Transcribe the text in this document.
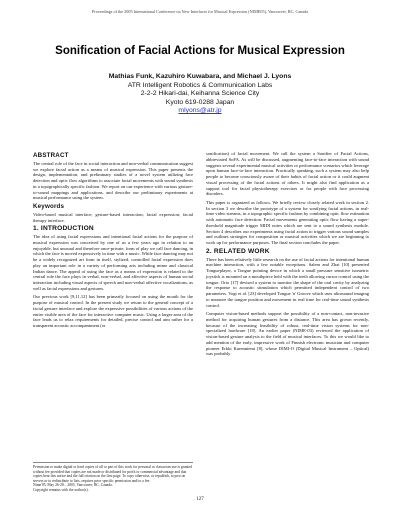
Proceedings of the 2005 International Conference on New Interfaces for Musical Expression (NIME05), Vancouver, BC, Canada
Sonification of Facial Actions for Musical Expression
Mathias Funk, Kazuhiro Kuwabara, and Michael J. Lyons
ATR Intelligent Robotics & Communication Labs
2-2-2 Hikari-dai, Keihanna Science City
Kyoto 619-0288 Japan
mlyons@atr.jp
ABSTRACT

The central role of the face in social interaction and non-verbal communication suggest we explore facial action as a means of musical expression. This paper presents the design, implementation, and preliminary studies of a novel system utilizing face detection and optic flow algorithms to associate facial movements with sound synthesis in a topographically specific fashion. We report on our experience with various gesture-to-sound mappings and applications, and describe our preliminary experiments at musical performance using the system.

Keywords

Video-based musical interface; gesture-based interaction; facial expression; facial therapy interface.

1. INTRODUCTION

The idea of using facial expressions and intentional facial actions for the purpose of musical expression was conceived by one of us a few years ago in relation to an enjoyable, but unusual and therefore once-private, form of play we call face dancing, in which the face is moved expressively in time with a music. While face dancing may not be a widely recognized art form in itself, stylized, controlled facial expression does play an important role in a variety of performing arts including mime and classical Indian dance. The appeal of using the face as a means of expression is related to the central role the face plays in verbal, non-verbal, and affective aspects of human social interaction including visual aspects of speech and non-verbal affective vocalizations, as well as facial expressions and gestures.

Our previous work [9,11,12] has been primarily focused on using the mouth for the purpose of musical control. In the present study we return to the general concept of a facial gesture interface and explore the expressive possibilities of various actions of the entire visible area of the face for interactive computer music. Using a larger area of the face leads us to relax requirements for detailed, precise control and aim rather for a transparent acoustic accompaniment (or

sonification) of facial movement. We call the system a Sonifier of Facial Actions, abbreviated SoFA. As will be discussed, augmenting face-to-face interaction with sound suggests several experimental musical activities or performance scenarios which leverage upon human face-to-face interaction. Practically speaking, such a system may also help people to become consciously aware of their habits of facial action or it could augment visual processing of the facial actions of others. It might also find application as a support tool for facial physiotherapy exercises or for people with face processing disorders.

This paper is organized as follows. We briefly review closely related work in section 2. In section 3 we describe the prototype of a system for sonifying facial actions, in real-time video streams, in a topographic specific fashion by combining optic flow estimation with automatic face detection. Facial movements generating optic flow having a super-threshold magnitude trigger MIDI notes which are sent to a sound synthesis module. Section 4 describes our experiments using facial action to trigger various sound samples and outlines strategies for composition or musical activities which we are beginning to work up for performance purposes. The final section concludes the paper.

2. RELATED WORK

There has been relatively little research on the use of facial actions for intentional human machine interaction, with a few notable exceptions. Salem and Zhai [10] presented Tongueplayer, a Tongue pointing device in which a small pressure sensitive isometric joystick is mounted on a mouthpiece held with the teeth allowing cursor control using the tongue. Orio [17] devised a system to monitor the shape of the oral cavity by analyzing the response to acoustic stimulation which permitted independent control of two parameters. Vogt et al. [23] developed Tongue 'n' Groove which uses ultrasound imaging to measure the tongue position and movement in real time for real-time sound synthesis control.

Computer vision-based methods support the possibility of a non-contact, non-invasive method for acquiring human gestures from a distance. This area has grown recently, because of the increasing feasibility of robust, real-time vision systems for non-specialized hardware [18]. An earlier paper (NIME-03) reviewed the application of vision-based gesture analysis to the field of musical interfaces. To this we would like to add mention of the early, impressive work of Finnish electronic musician and computer pioneer Erkki Kurenniemi [8], whose DIMI-O (Digital Musical Instrument – Optical) was probably

Permission to make digital or hard copies of all or part of this work for personal or classroom use is granted without fee provided that copies are not made or distributed for profit or commercial advantage and that copies bear this notice and the full citation on the first page. To copy otherwise, or republish, to post on servers or to redistribute to lists, requires prior specific permission and/or a fee.

Nime'05, May 26-28, , 2005, Vancouver, BC, Canada.

Copyright remains with the author(s).

127
